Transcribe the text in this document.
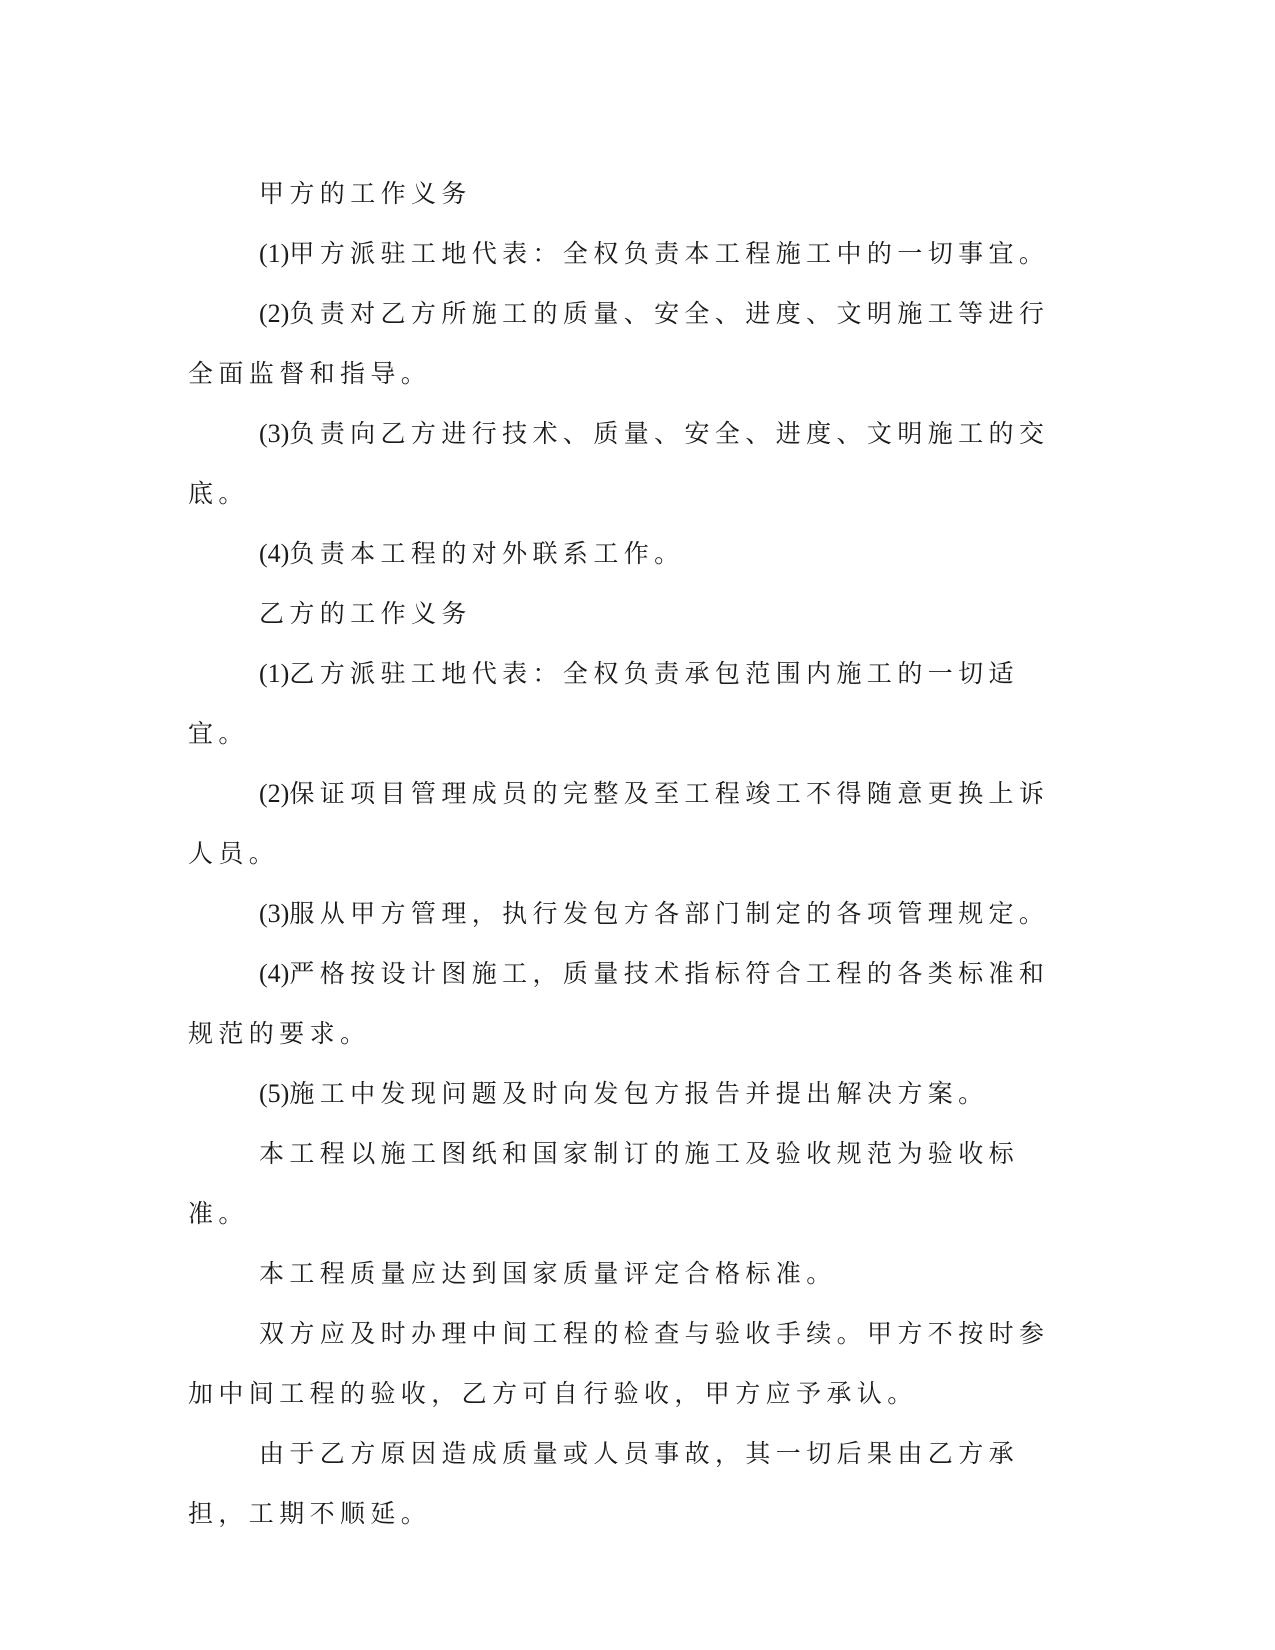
甲方的工作义务

(1)甲方派驻工地代表：全权负责本工程施工中的一切事宜。

(2)负责对乙方所施工的质量、安全、进度、文明施工等进行全面监督和指导。

(3)负责向乙方进行技术、质量、安全、进度、文明施工的交底。

(4)负责本工程的对外联系工作。

乙方的工作义务

(1)乙方派驻工地代表：全权负责承包范围内施工的一切适宜。

(2)保证项目管理成员的完整及至工程竣工不得随意更换上诉人员。

(3)服从甲方管理，执行发包方各部门制定的各项管理规定。

(4)严格按设计图施工，质量技术指标符合工程的各类标准和规范的要求。

(5)施工中发现问题及时向发包方报告并提出解决方案。

本工程以施工图纸和国家制订的施工及验收规范为验收标准。

本工程质量应达到国家质量评定合格标准。

双方应及时办理中间工程的检查与验收手续。甲方不按时参加中间工程的验收，乙方可自行验收，甲方应予承认。

由于乙方原因造成质量或人员事故，其一切后果由乙方承担，工期不顺延。
